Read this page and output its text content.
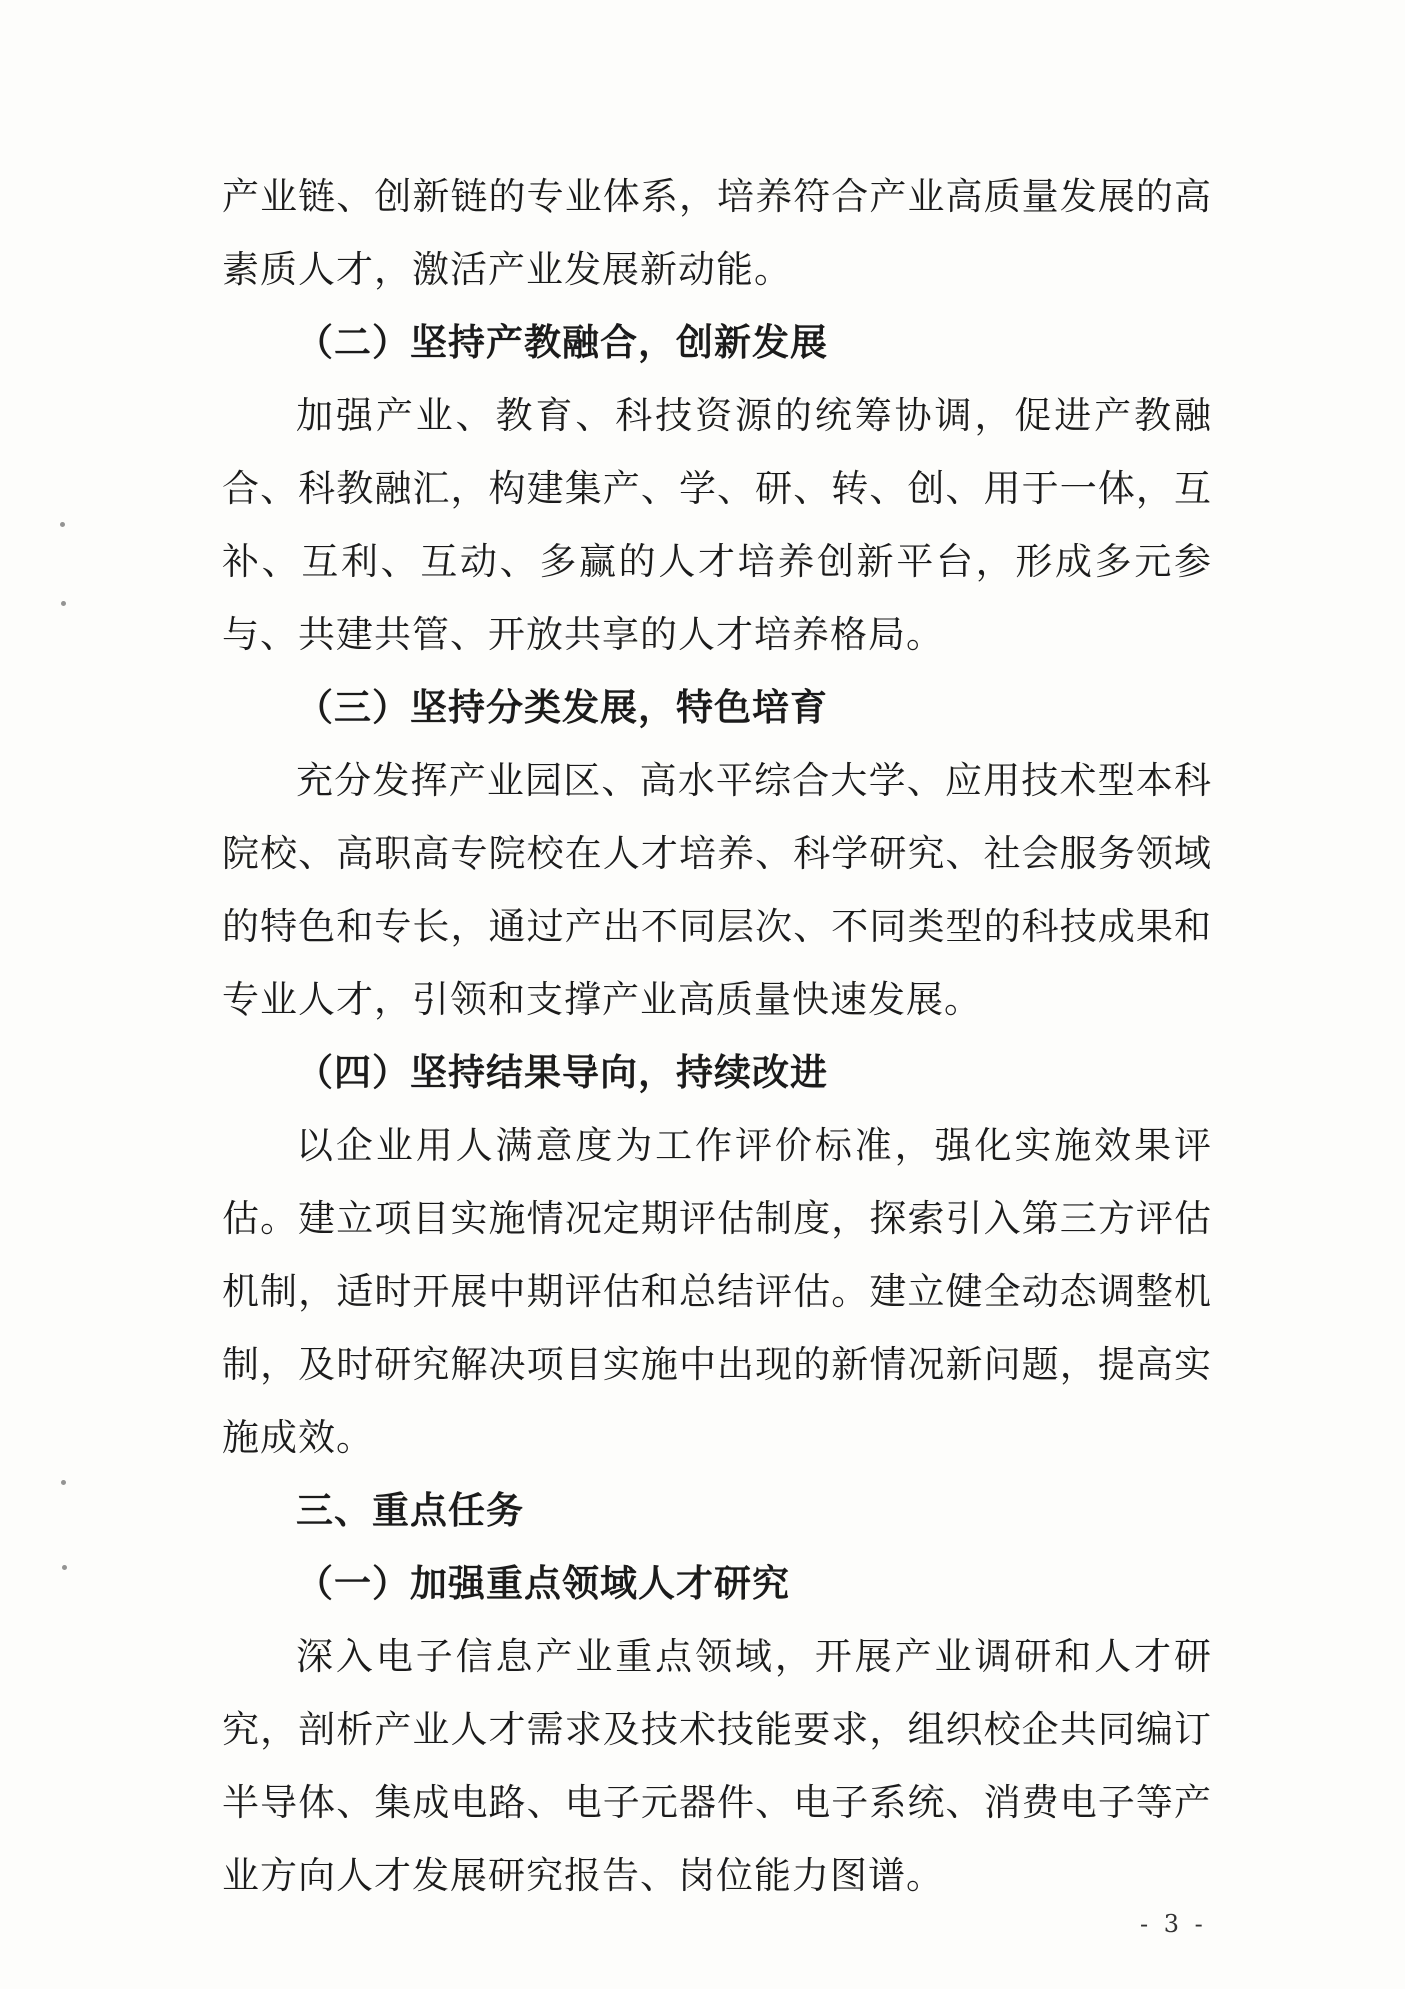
产业链、创新链的专业体系，培养符合产业高质量发展的高素质人才，激活产业发展新动能。

（二）坚持产教融合，创新发展

加强产业、教育、科技资源的统筹协调，促进产教融合、科教融汇，构建集产、学、研、转、创、用于一体，互补、互利、互动、多赢的人才培养创新平台，形成多元参与、共建共管、开放共享的人才培养格局。

（三）坚持分类发展，特色培育

充分发挥产业园区、高水平综合大学、应用技术型本科院校、高职高专院校在人才培养、科学研究、社会服务领域的特色和专长，通过产出不同层次、不同类型的科技成果和专业人才，引领和支撑产业高质量快速发展。

（四）坚持结果导向，持续改进

以企业用人满意度为工作评价标准，强化实施效果评估。建立项目实施情况定期评估制度，探索引入第三方评估机制，适时开展中期评估和总结评估。建立健全动态调整机制，及时研究解决项目实施中出现的新情况新问题，提高实施成效。

三、重点任务

（一）加强重点领域人才研究

深入电子信息产业重点领域，开展产业调研和人才研究，剖析产业人才需求及技术技能要求，组织校企共同编订半导体、集成电路、电子元器件、电子系统、消费电子等产业方向人才发展研究报告、岗位能力图谱。

- 3 -
